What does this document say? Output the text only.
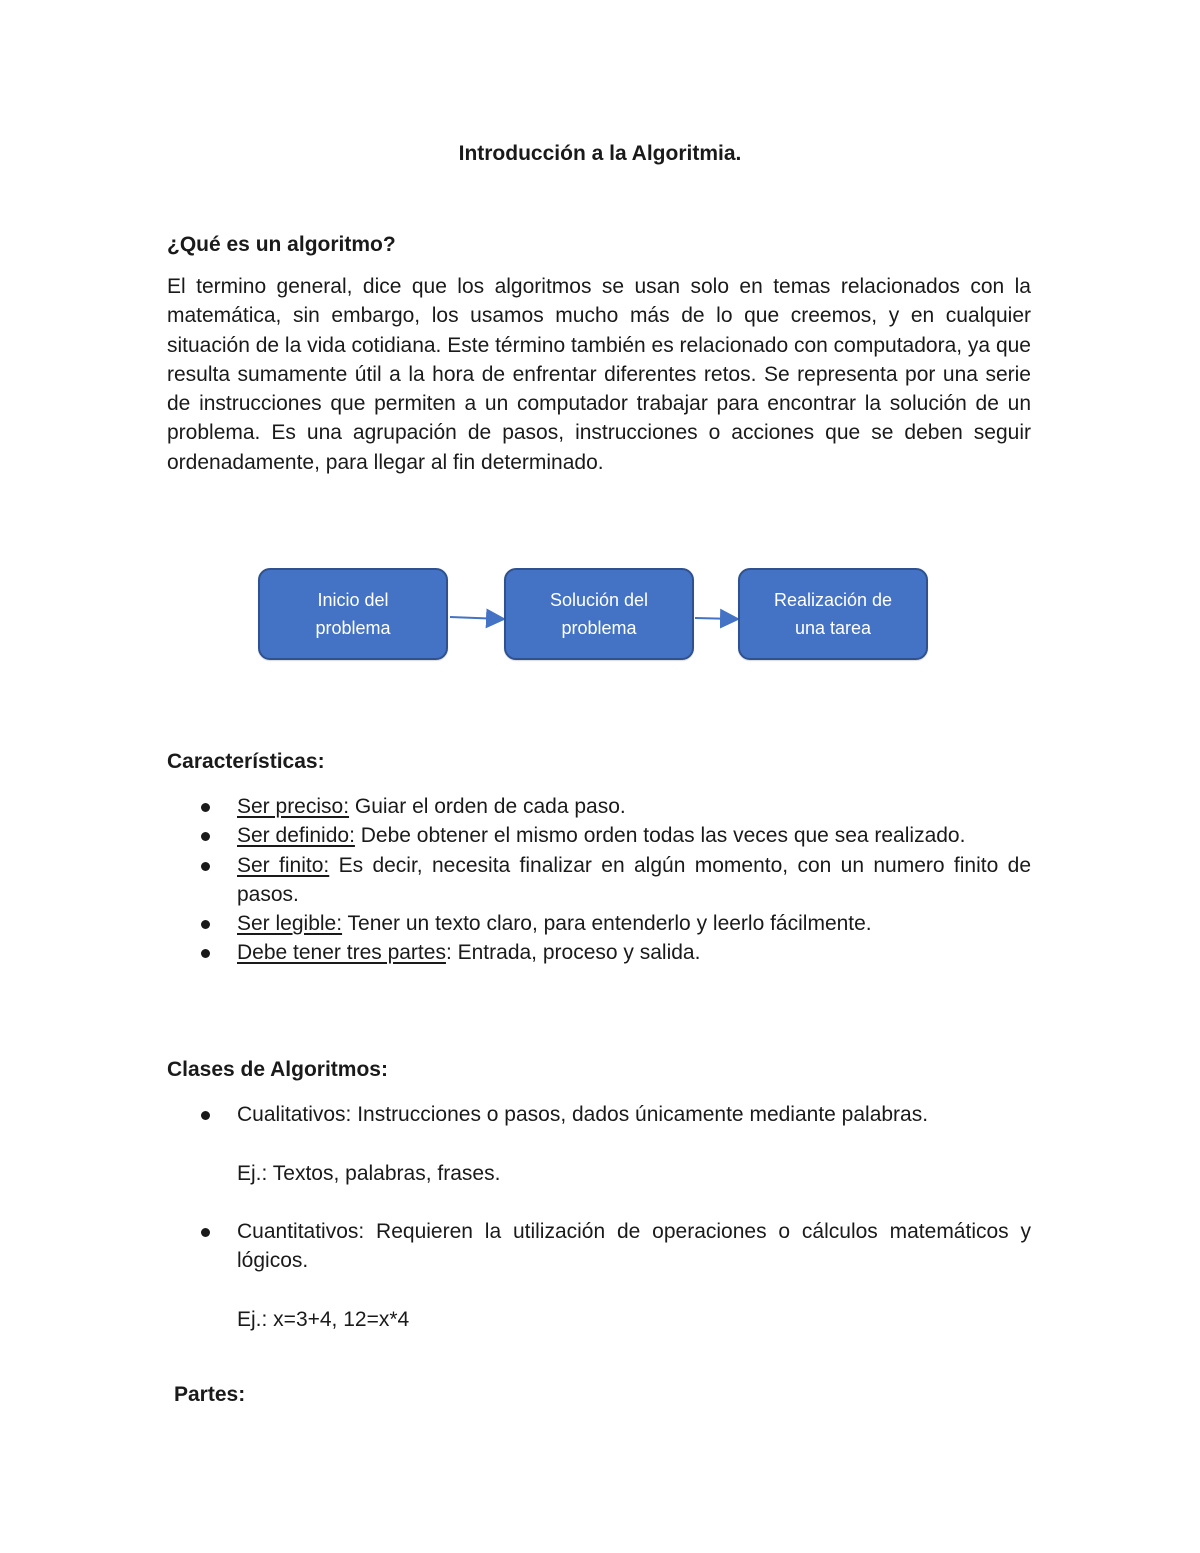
Introducción a la Algoritmia.
¿Qué es un algoritmo?

El termino general, dice que los algoritmos se usan solo en temas relacionados con la matemática, sin embargo, los usamos mucho más de lo que creemos, y en cualquier situación de la vida cotidiana. Este término también es relacionado con computadora, ya que resulta sumamente útil a la hora de enfrentar diferentes retos. Se representa por una serie de instrucciones que permiten a un computador trabajar para encontrar la solución de un problema. Es una agrupación de pasos, instrucciones o acciones que se deben seguir ordenadamente, para llegar al fin determinado.

Inicio del
problema
Solución del
problema
Realización de
una tarea
Características:
Ser preciso: Guiar el orden de cada paso.
Ser definido: Debe obtener el mismo orden todas las veces que sea realizado.
Ser finito: Es decir, necesita finalizar en algún momento, con un numero finito de pasos.
Ser legible: Tener un texto claro, para entenderlo y leerlo fácilmente.
Debe tener tres partes: Entrada, proceso y salida.
Clases de Algoritmos:
Cualitativos: Instrucciones o pasos, dados únicamente mediante palabras.
Ej.: Textos, palabras, frases.
Cuantitativos: Requieren la utilización de operaciones o cálculos matemáticos y lógicos.
Ej.: x=3+4, 12=x*4
Partes:
